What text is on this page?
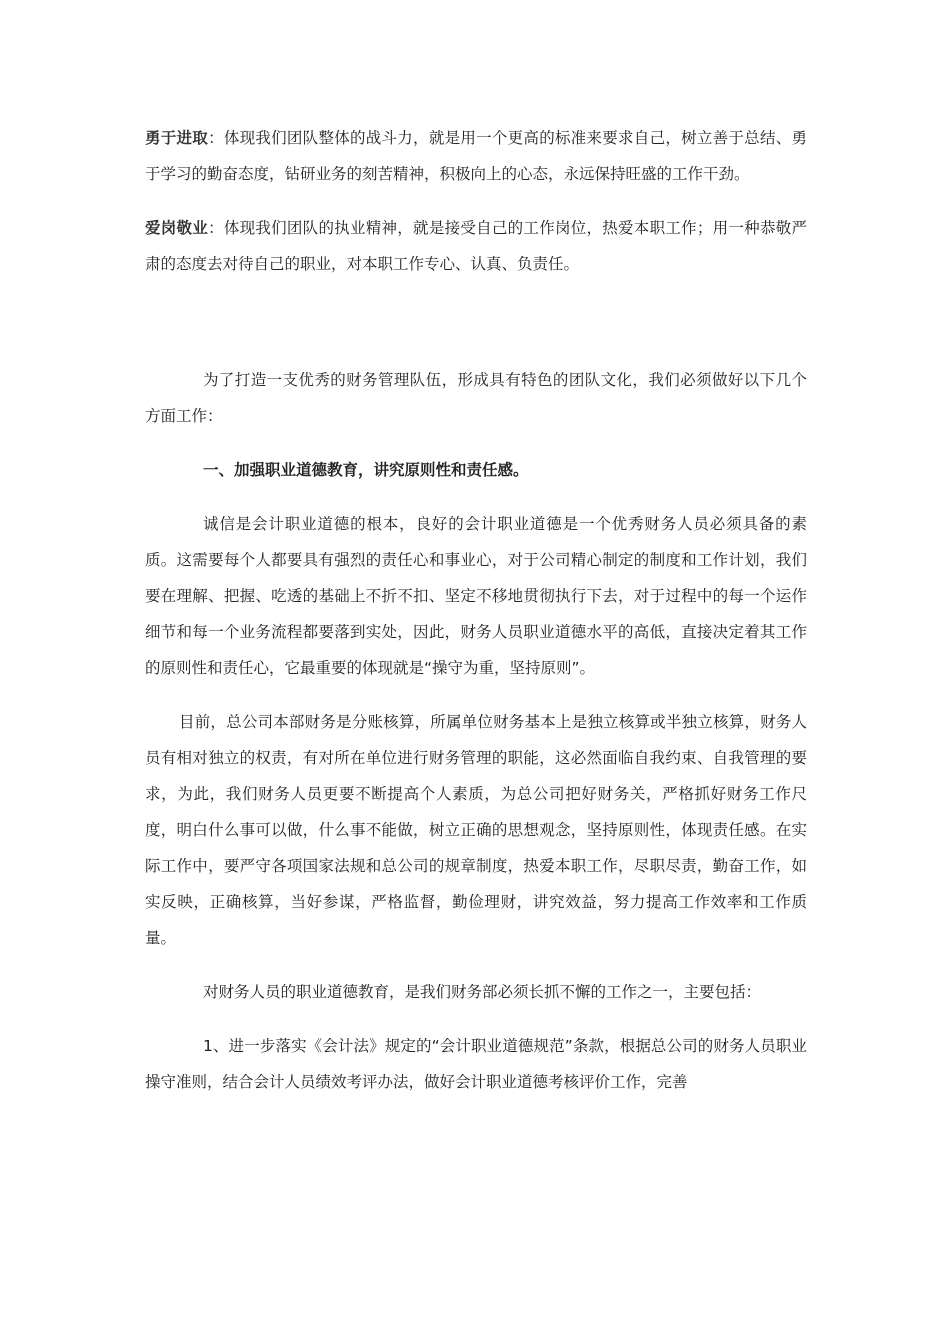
勇于进取：体现我们团队整体的战斗力，就是用一个更高的标准来要求自己，树立善于总结、勇于学习的勤奋态度，钻研业务的刻苦精神，积极向上的心态，永远保持旺盛的工作干劲。

爱岗敬业：体现我们团队的执业精神，就是接受自己的工作岗位，热爱本职工作；用一种恭敬严肃的态度去对待自己的职业，对本职工作专心、认真、负责任。

为了打造一支优秀的财务管理队伍，形成具有特色的团队文化，我们必须做好以下几个方面工作：

一、加强职业道德教育，讲究原则性和责任感。

诚信是会计职业道德的根本，良好的会计职业道德是一个优秀财务人员必须具备的素质。这需要每个人都要具有强烈的责任心和事业心，对于公司精心制定的制度和工作计划，我们要在理解、把握、吃透的基础上不折不扣、坚定不移地贯彻执行下去，对于过程中的每一个运作细节和每一个业务流程都要落到实处，因此，财务人员职业道德水平的高低，直接决定着其工作的原则性和责任心，它最重要的体现就是“操守为重，坚持原则”。

目前，总公司本部财务是分账核算，所属单位财务基本上是独立核算或半独立核算，财务人员有相对独立的权责，有对所在单位进行财务管理的职能，这必然面临自我约束、自我管理的要求，为此，我们财务人员更要不断提高个人素质，为总公司把好财务关，严格抓好财务工作尺度，明白什么事可以做，什么事不能做，树立正确的思想观念，坚持原则性，体现责任感。在实际工作中，要严守各项国家法规和总公司的规章制度，热爱本职工作，尽职尽责，勤奋工作，如实反映，正确核算，当好参谋，严格监督，勤俭理财，讲究效益，努力提高工作效率和工作质量。

对财务人员的职业道德教育，是我们财务部必须长抓不懈的工作之一，主要包括：

1、进一步落实《会计法》规定的“会计职业道德规范”条款，根据总公司的财务人员职业操守准则，结合会计人员绩效考评办法，做好会计职业道德考核评价工作，完善
